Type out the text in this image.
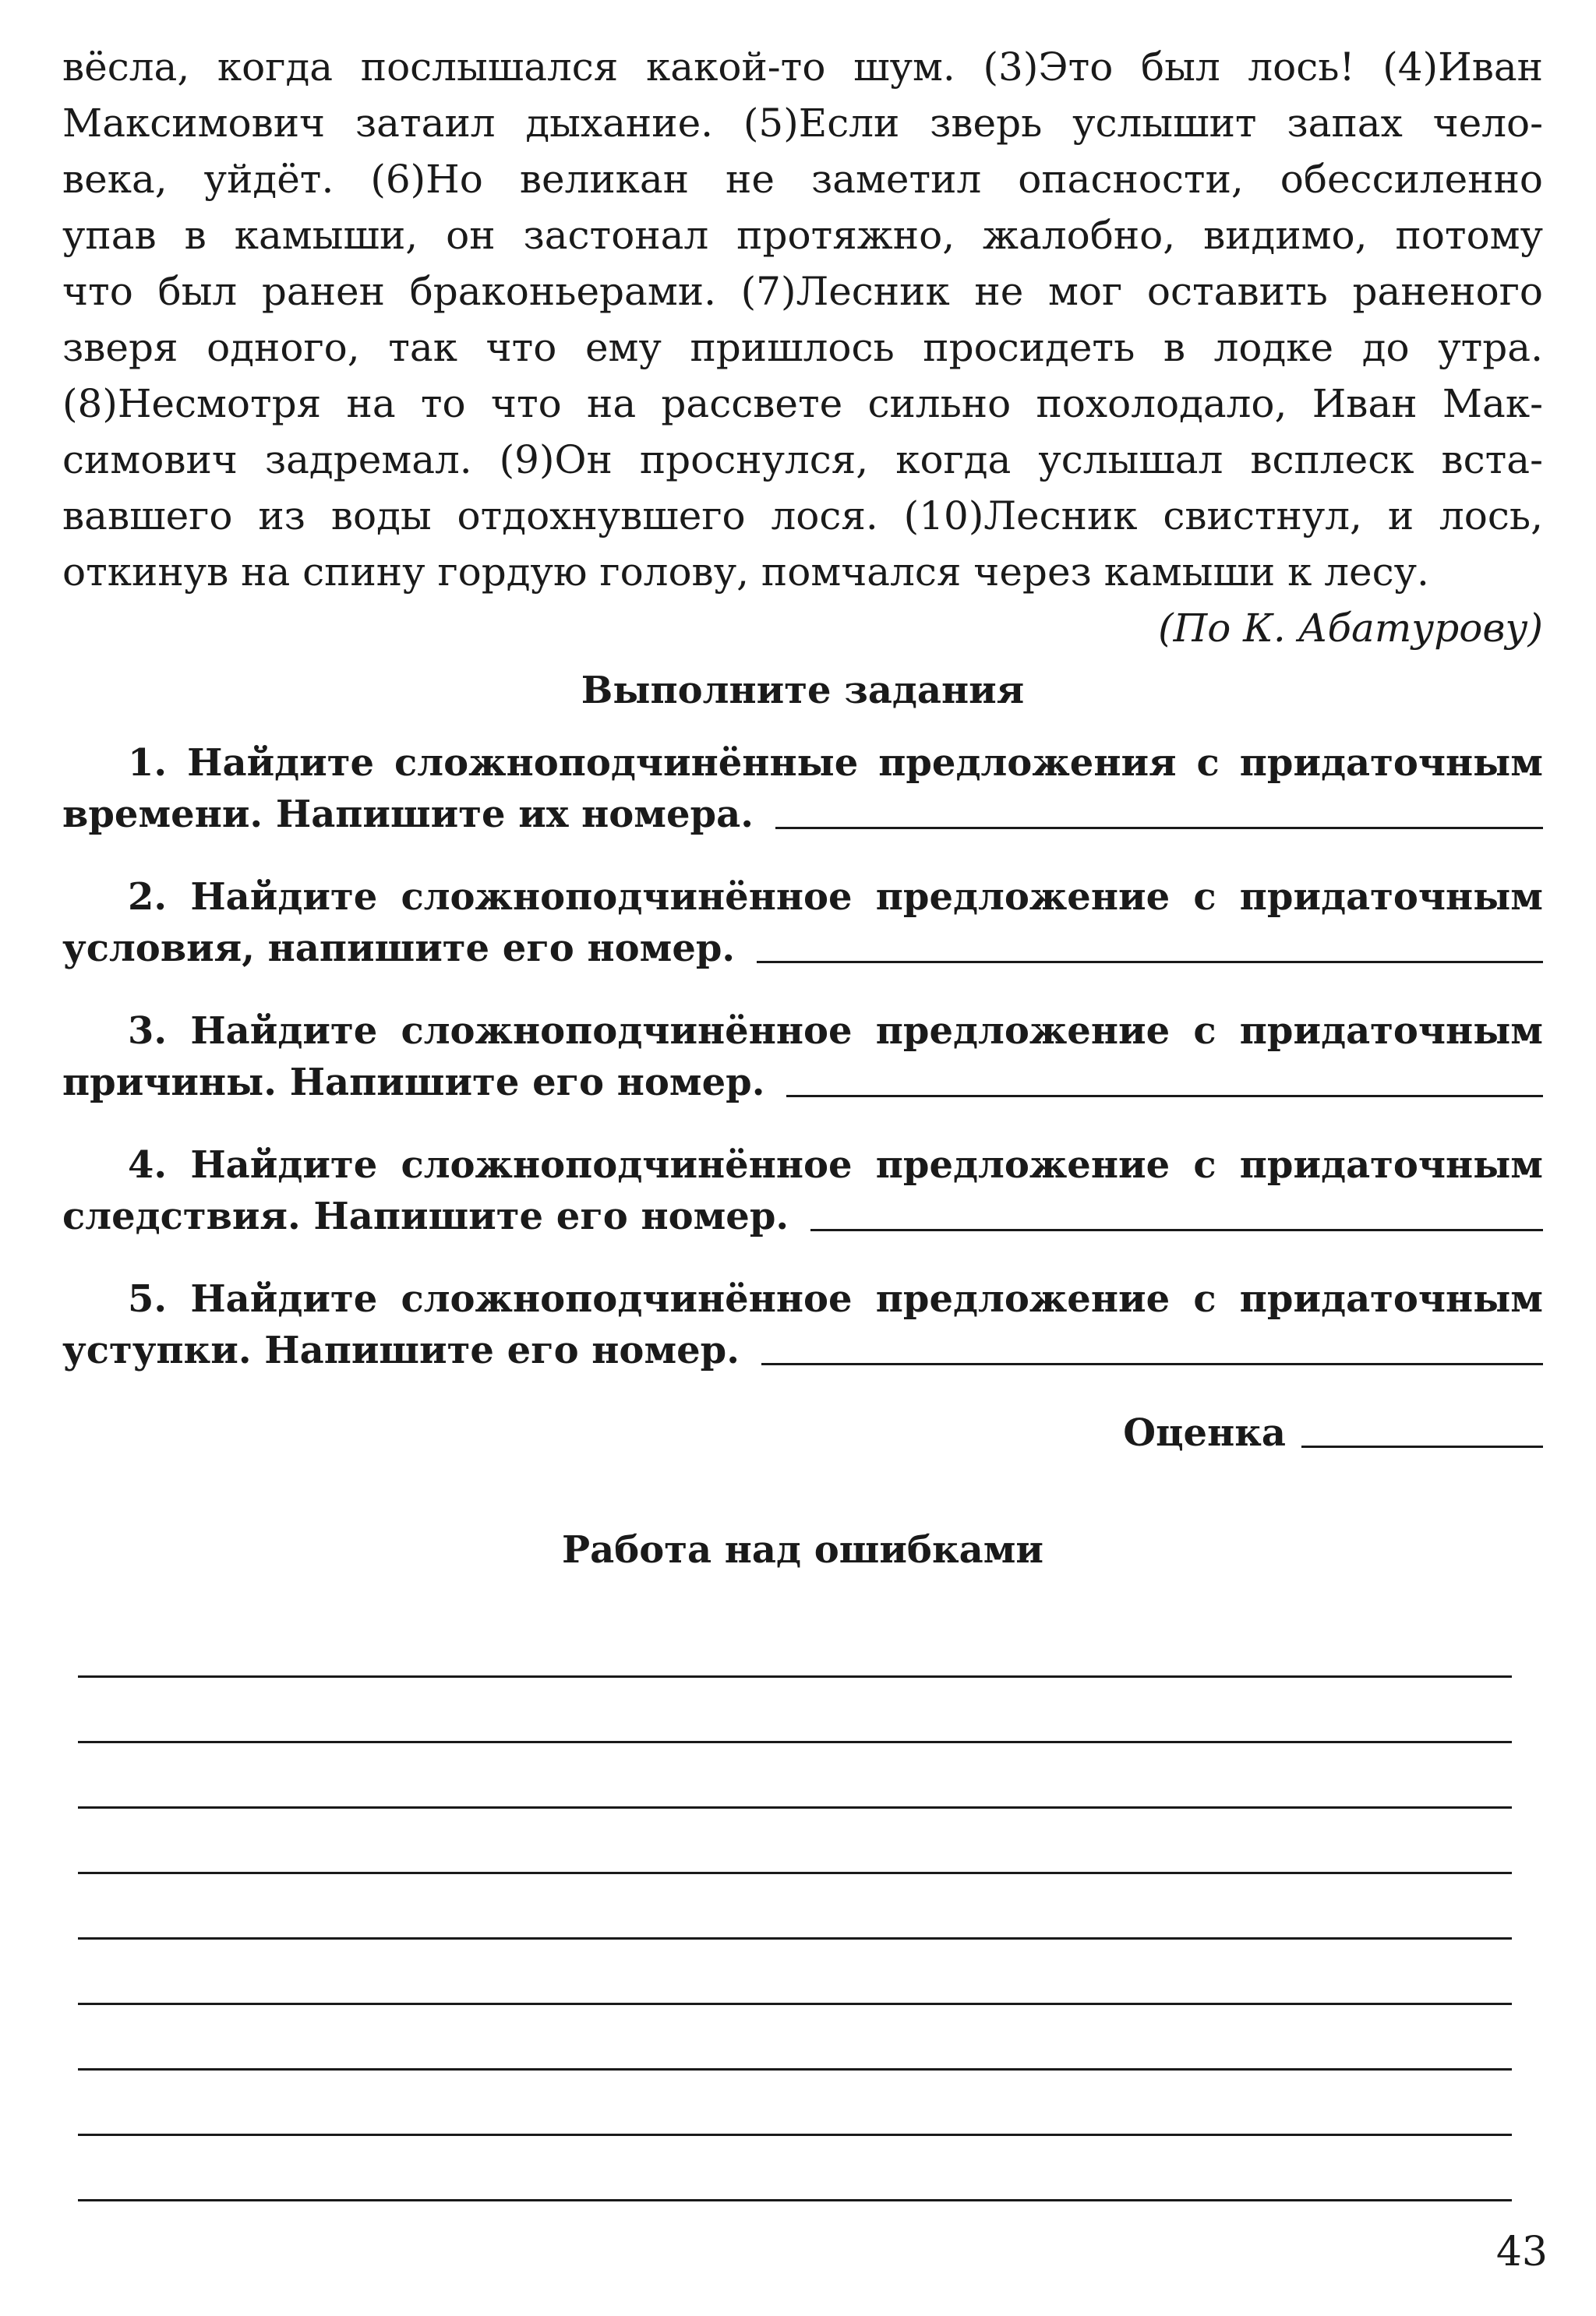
вёсла, когда послышался какой-то шум. (3)Это был лось! (4)Иван
Максимович затаил дыхание. (5)Если зверь услышит запах чело-
века, уйдёт. (6)Но великан не заметил опасности, обессиленно
упав в камыши, он застонал протяжно, жалобно, видимо, потому
что был ранен браконьерами. (7)Лесник не мог оставить раненого
зверя одного, так что ему пришлось просидеть в лодке до утра.
(8)Несмотря на то что на рассвете сильно похолодало, Иван Мак-
симович задремал. (9)Он проснулся, когда услышал всплеск вста-
вавшего из воды отдохнувшего лося. (10)Лесник свистнул, и лось,
откинув на спину гордую голову, помчался через камыши к лесу.

(По К. Абатурову)

Выполните задания

1. Найдите сложноподчинённые предложения с придаточным
времени. Напишите их номера.
2. Найдите сложноподчинённое предложение с придаточным
условия, напишите его номер.
3. Найдите сложноподчинённое предложение с придаточным
причины. Напишите его номер.
4. Найдите сложноподчинённое предложение с придаточным
следствия. Напишите его номер.
5. Найдите сложноподчинённое предложение с придаточным
уступки. Напишите его номер.
Оценка

Работа над ошибками

43
